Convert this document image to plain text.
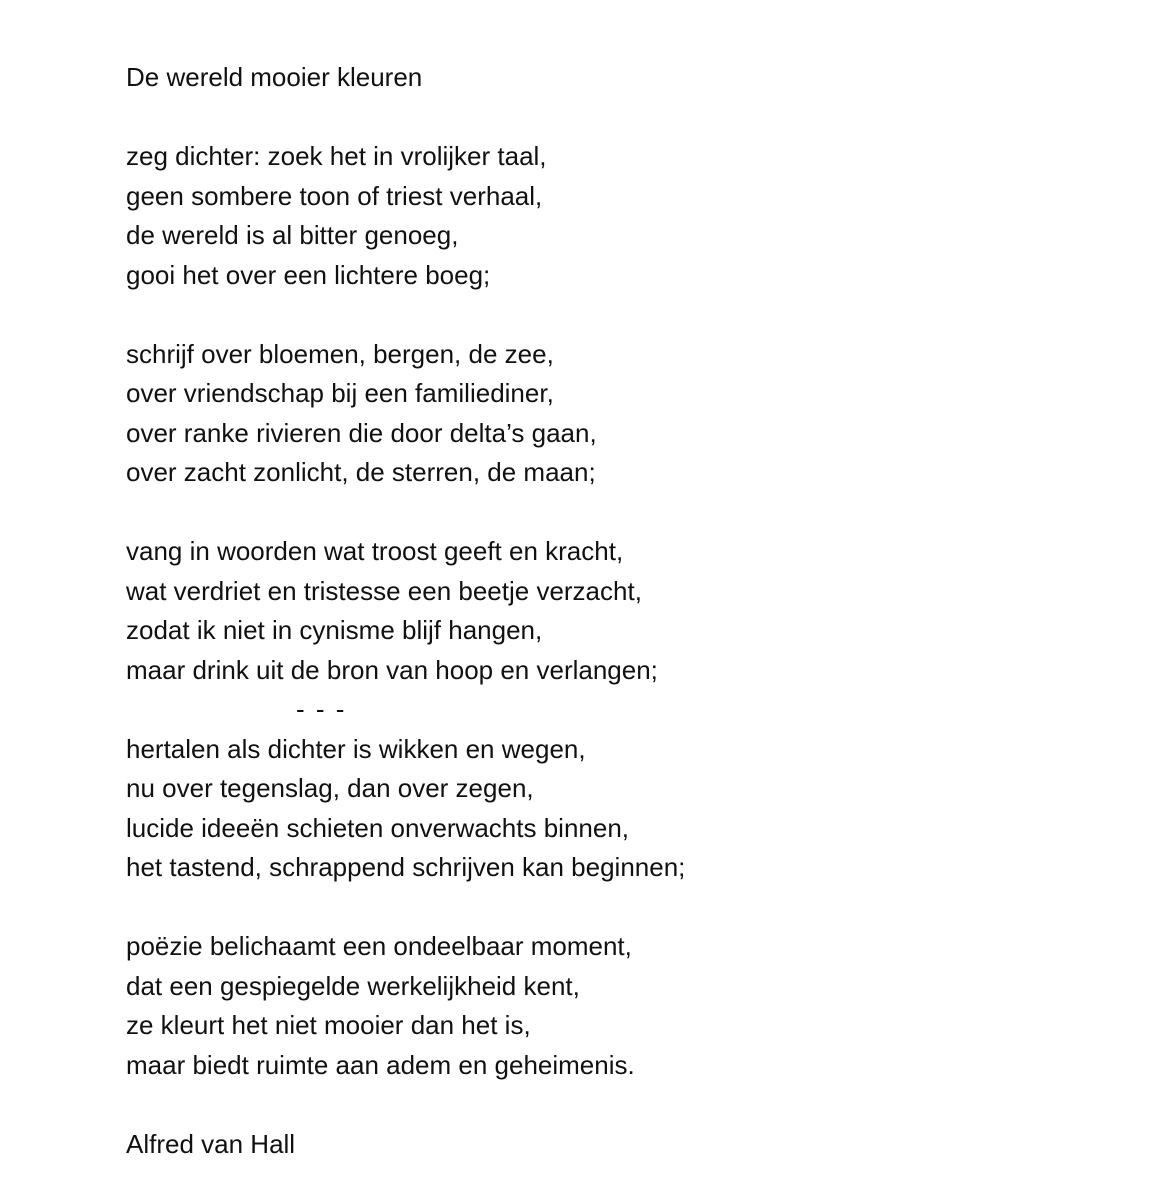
De wereld mooier kleuren
zeg dichter: zoek het in vrolijker taal,
geen sombere toon of triest verhaal,
de wereld is al bitter genoeg,
gooi het over een lichtere boeg;
schrijf over bloemen, bergen, de zee,
over vriendschap bij een familiediner,
over ranke rivieren die door delta’s gaan,
over zacht zonlicht, de sterren, de maan;
vang in woorden wat troost geeft en kracht,
wat verdriet en tristesse een beetje verzacht,
zodat ik niet in cynisme blijf hangen,
maar drink uit de bron van hoop en verlangen;
- - -
hertalen als dichter is wikken en wegen,
nu over tegenslag, dan over zegen,
lucide ideeën schieten onverwachts binnen,
het tastend, schrappend schrijven kan beginnen;
poëzie belichaamt een ondeelbaar moment,
dat een gespiegelde werkelijkheid kent,
ze kleurt het niet mooier dan het is,
maar biedt ruimte aan adem en geheimenis.
Alfred van Hall
